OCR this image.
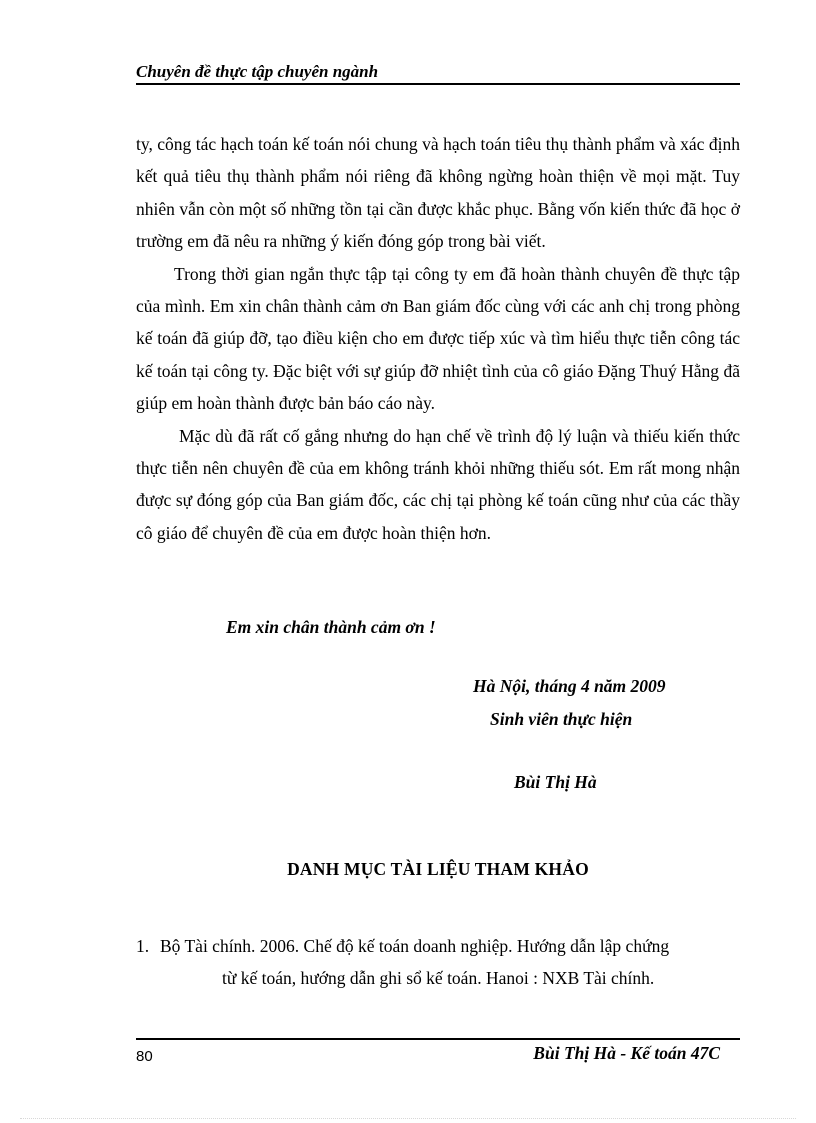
Chuyên đề thực tập chuyên ngành

ty, công tác hạch toán kế toán nói chung và hạch toán tiêu thụ thành phẩm và xác định kết quả tiêu thụ thành phẩm nói riêng đã không ngừng hoàn thiện về mọi mặt. Tuy nhiên vẫn còn một số những tồn tại cần được khắc phục. Bằng vốn kiến thức đã học ở trường em đã nêu ra những ý kiến đóng góp trong bài viết.

Trong thời gian ngắn thực tập tại công ty em đã hoàn thành chuyên đề thực tập của mình. Em xin chân thành cảm ơn Ban giám đốc cùng với các anh chị trong phòng kế toán đã giúp đỡ, tạo điều kiện cho em được tiếp xúc và tìm hiểu thực tiễn công tác kế toán tại công ty. Đặc biệt với sự giúp đỡ nhiệt tình của cô giáo Đặng Thuý Hằng đã giúp em hoàn thành được bản báo cáo này.

Mặc dù đã rất cố gắng nhưng do hạn chế về trình độ lý luận và thiếu kiến thức thực tiễn nên chuyên đề của em không tránh khỏi những thiếu sót. Em rất mong nhận được sự đóng góp của Ban giám đốc, các chị tại phòng kế toán cũng như của các thầy cô giáo để chuyên đề của em được hoàn thiện hơn.

Em xin chân thành cảm ơn !
Hà Nội, tháng 4 năm 2009
Sinh viên thực hiện
Bùi Thị Hà
DANH MỤC TÀI LIỆU THAM KHẢO
1. Bộ Tài chính. 2006. Chế độ kế toán doanh nghiệp. Hướng dẫn lập chứng
từ kế toán, hướng dẫn ghi sổ kế toán. Hanoi : NXB Tài chính.
80	Bùi Thị Hà - Kế toán 47C
